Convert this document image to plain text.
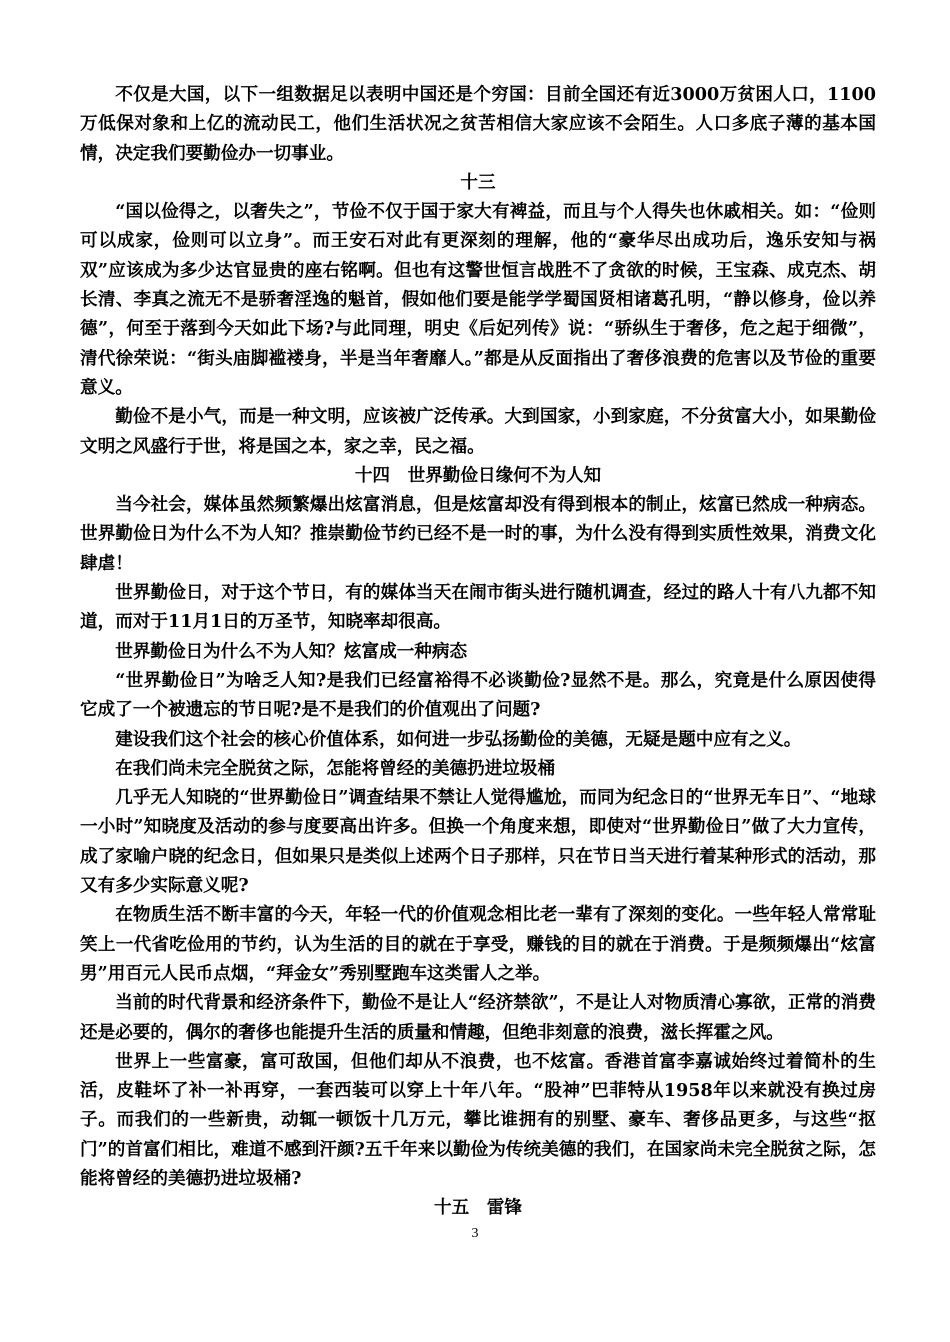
不仅是大国，以下一组数据足以表明中国还是个穷国：目前全国还有近3000万贫困人口，1100万低保对象和上亿的流动民工，他们生活状况之贫苦相信大家应该不会陌生。人口多底子薄的基本国情，决定我们要勤俭办一切事业。

十三

“国以俭得之，以奢失之”，节俭不仅于国于家大有裨益，而且与个人得失也休戚相关。如：“俭则可以成家，俭则可以立身”。而王安石对此有更深刻的理解，他的“豪华尽出成功后，逸乐安知与祸双”应该成为多少达官显贵的座右铭啊。但也有这警世恒言战胜不了贪欲的时候，王宝森、成克杰、胡长清、李真之流无不是骄奢淫逸的魁首，假如他们要是能学学蜀国贤相诸葛孔明，“静以修身，俭以养德”，何至于落到今天如此下场?与此同理，明史《后妃列传》说：“骄纵生于奢侈，危之起于细微”，清代徐荣说：“街头庙脚褴褛身，半是当年奢靡人。”都是从反面指出了奢侈浪费的危害以及节俭的重要意义。

勤俭不是小气，而是一种文明，应该被广泛传承。大到国家，小到家庭，不分贫富大小，如果勤俭文明之风盛行于世，将是国之本，家之幸，民之福。

十四　世界勤俭日缘何不为人知

当今社会，媒体虽然频繁爆出炫富消息，但是炫富却没有得到根本的制止，炫富已然成一种病态。世界勤俭日为什么不为人知？推崇勤俭节约已经不是一时的事，为什么没有得到实质性效果，消费文化肆虐！

世界勤俭日，对于这个节日，有的媒体当天在闹市街头进行随机调查，经过的路人十有八九都不知道，而对于11月1日的万圣节，知晓率却很高。

世界勤俭日为什么不为人知？炫富成一种病态

“世界勤俭日”为啥乏人知?是我们已经富裕得不必谈勤俭?显然不是。那么，究竟是什么原因使得它成了一个被遗忘的节日呢?是不是我们的价值观出了问题?

建设我们这个社会的核心价值体系，如何进一步弘扬勤俭的美德，无疑是题中应有之义。

在我们尚未完全脱贫之际，怎能将曾经的美德扔进垃圾桶

几乎无人知晓的“世界勤俭日”调查结果不禁让人觉得尴尬，而同为纪念日的“世界无车日”、“地球一小时”知晓度及活动的参与度要高出许多。但换一个角度来想，即使对“世界勤俭日”做了大力宣传，成了家喻户晓的纪念日，但如果只是类似上述两个日子那样，只在节日当天进行着某种形式的活动，那又有多少实际意义呢?

在物质生活不断丰富的今天，年轻一代的价值观念相比老一辈有了深刻的变化。一些年轻人常常耻笑上一代省吃俭用的节约，认为生活的目的就在于享受，赚钱的目的就在于消费。于是频频爆出“炫富男”用百元人民币点烟，“拜金女”秀别墅跑车这类雷人之举。

当前的时代背景和经济条件下，勤俭不是让人“经济禁欲”，不是让人对物质清心寡欲，正常的消费还是必要的，偶尔的奢侈也能提升生活的质量和情趣，但绝非刻意的浪费，滋长挥霍之风。

世界上一些富豪，富可敌国，但他们却从不浪费，也不炫富。香港首富李嘉诚始终过着简朴的生活，皮鞋坏了补一补再穿，一套西装可以穿上十年八年。“股神”巴菲特从1958年以来就没有换过房子。而我们的一些新贵，动辄一顿饭十几万元，攀比谁拥有的别墅、豪车、奢侈品更多，与这些“抠门”的首富们相比，难道不感到汗颜?五千年来以勤俭为传统美德的我们，在国家尚未完全脱贫之际，怎能将曾经的美德扔进垃圾桶?

十五　雷锋

3
